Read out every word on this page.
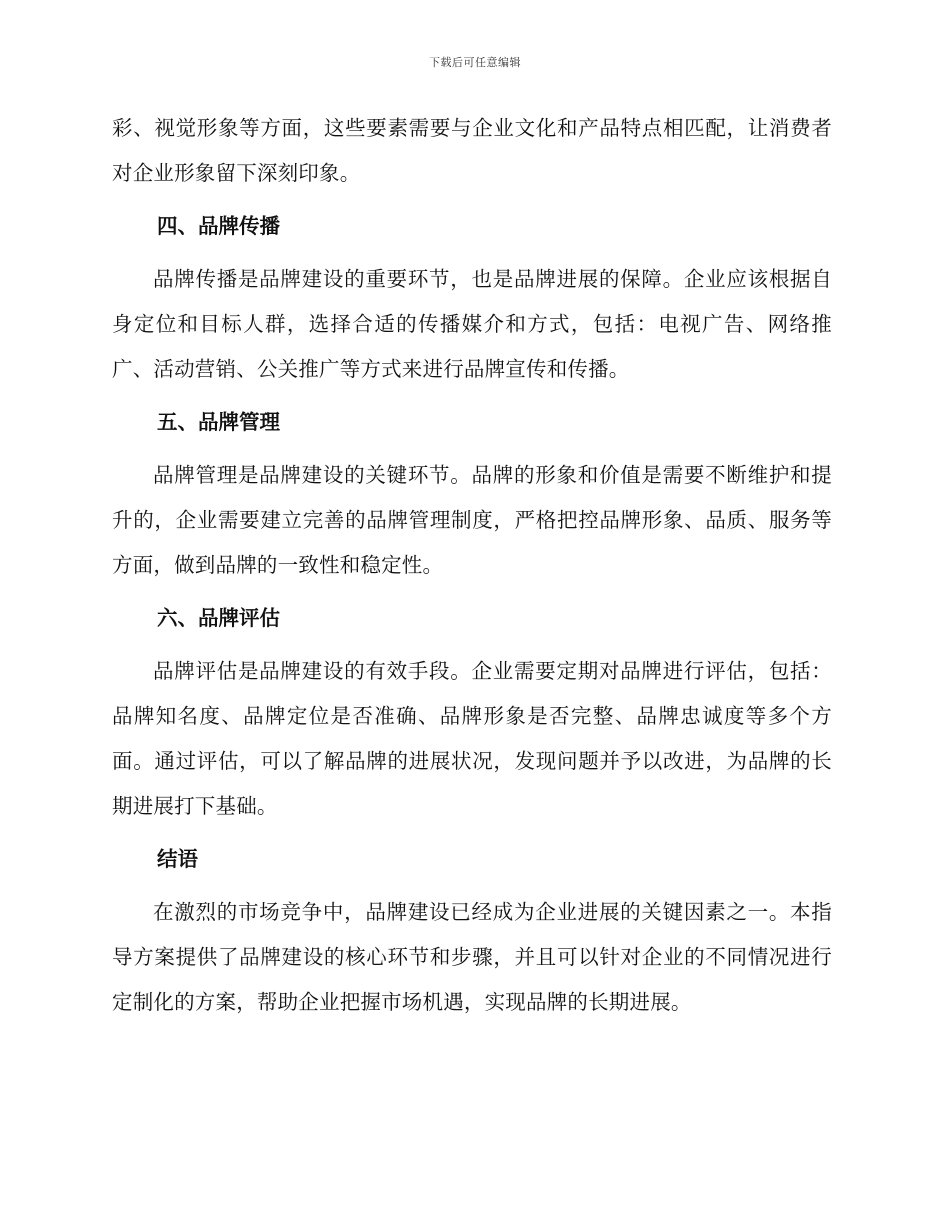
下载后可任意编辑

彩、视觉形象等方面，这些要素需要与企业文化和产品特点相匹配，让消费者对企业形象留下深刻印象。

四、品牌传播

品牌传播是品牌建设的重要环节，也是品牌进展的保障。企业应该根据自身定位和目标人群，选择合适的传播媒介和方式，包括：电视广告、网络推广、活动营销、公关推广等方式来进行品牌宣传和传播。

五、品牌管理

品牌管理是品牌建设的关键环节。品牌的形象和价值是需要不断维护和提升的，企业需要建立完善的品牌管理制度，严格把控品牌形象、品质、服务等方面，做到品牌的一致性和稳定性。

六、品牌评估

品牌评估是品牌建设的有效手段。企业需要定期对品牌进行评估，包括：品牌知名度、品牌定位是否准确、品牌形象是否完整、品牌忠诚度等多个方面。通过评估，可以了解品牌的进展状况，发现问题并予以改进，为品牌的长期进展打下基础。

结语

在激烈的市场竞争中，品牌建设已经成为企业进展的关键因素之一。本指导方案提供了品牌建设的核心环节和步骤，并且可以针对企业的不同情况进行定制化的方案，帮助企业把握市场机遇，实现品牌的长期进展。
